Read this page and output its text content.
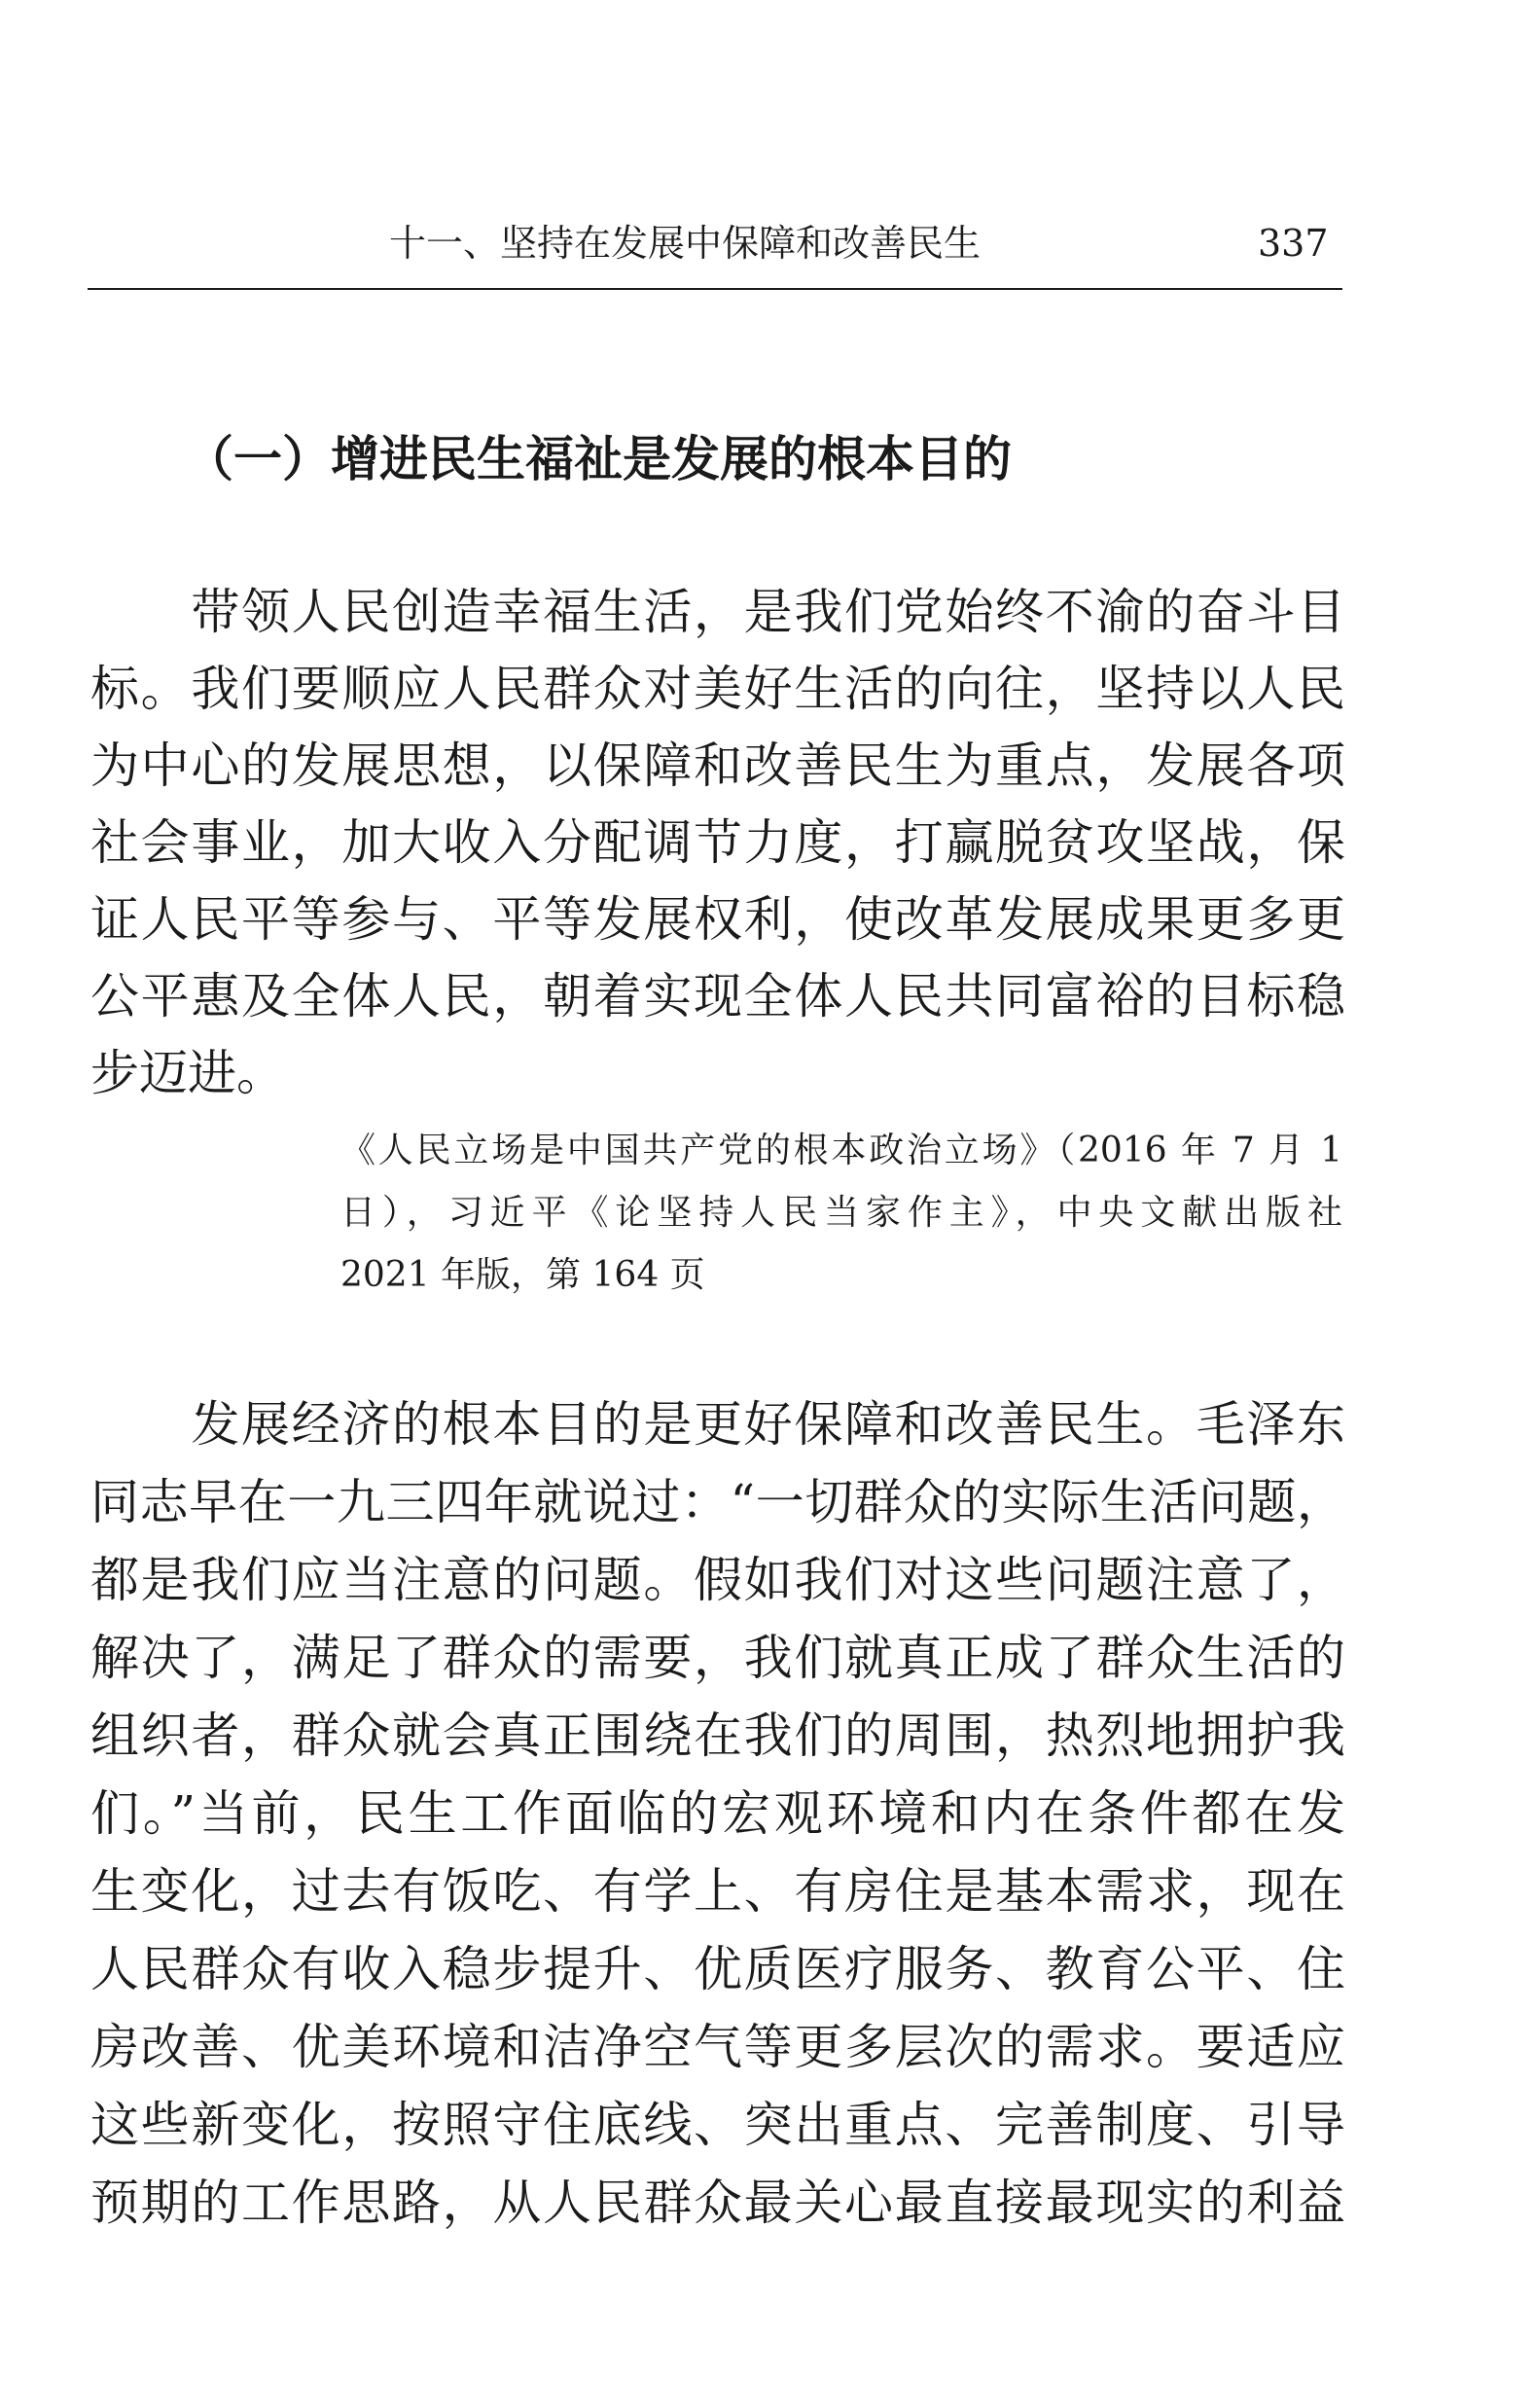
十一、坚持在发展中保障和改善民生	337
（一）增进民生福祉是发展的根本目的
　　带领人民创造幸福生活，是我们党始终不渝的奋斗目
标。我们要顺应人民群众对美好生活的向往，坚持以人民
为中心的发展思想，以保障和改善民生为重点，发展各项
社会事业，加大收入分配调节力度，打赢脱贫攻坚战，保
证人民平等参与、平等发展权利，使改革发展成果更多更
公平惠及全体人民，朝着实现全体人民共同富裕的目标稳
步迈进。
《人民立场是中国共产党的根本政治立场》（2016 年 7 月 1
日），习近平《论坚持人民当家作主》，中央文献出版社
2021 年版，第 164 页
　　发展经济的根本目的是更好保障和改善民生。毛泽东
同志早在一九三四年就说过：“一切群众的实际生活问题，
都是我们应当注意的问题。假如我们对这些问题注意了，
解决了，满足了群众的需要，我们就真正成了群众生活的
组织者，群众就会真正围绕在我们的周围，热烈地拥护我
们。”当前，民生工作面临的宏观环境和内在条件都在发
生变化，过去有饭吃、有学上、有房住是基本需求，现在
人民群众有收入稳步提升、优质医疗服务、教育公平、住
房改善、优美环境和洁净空气等更多层次的需求。要适应
这些新变化，按照守住底线、突出重点、完善制度、引导
预期的工作思路，从人民群众最关心最直接最现实的利益
